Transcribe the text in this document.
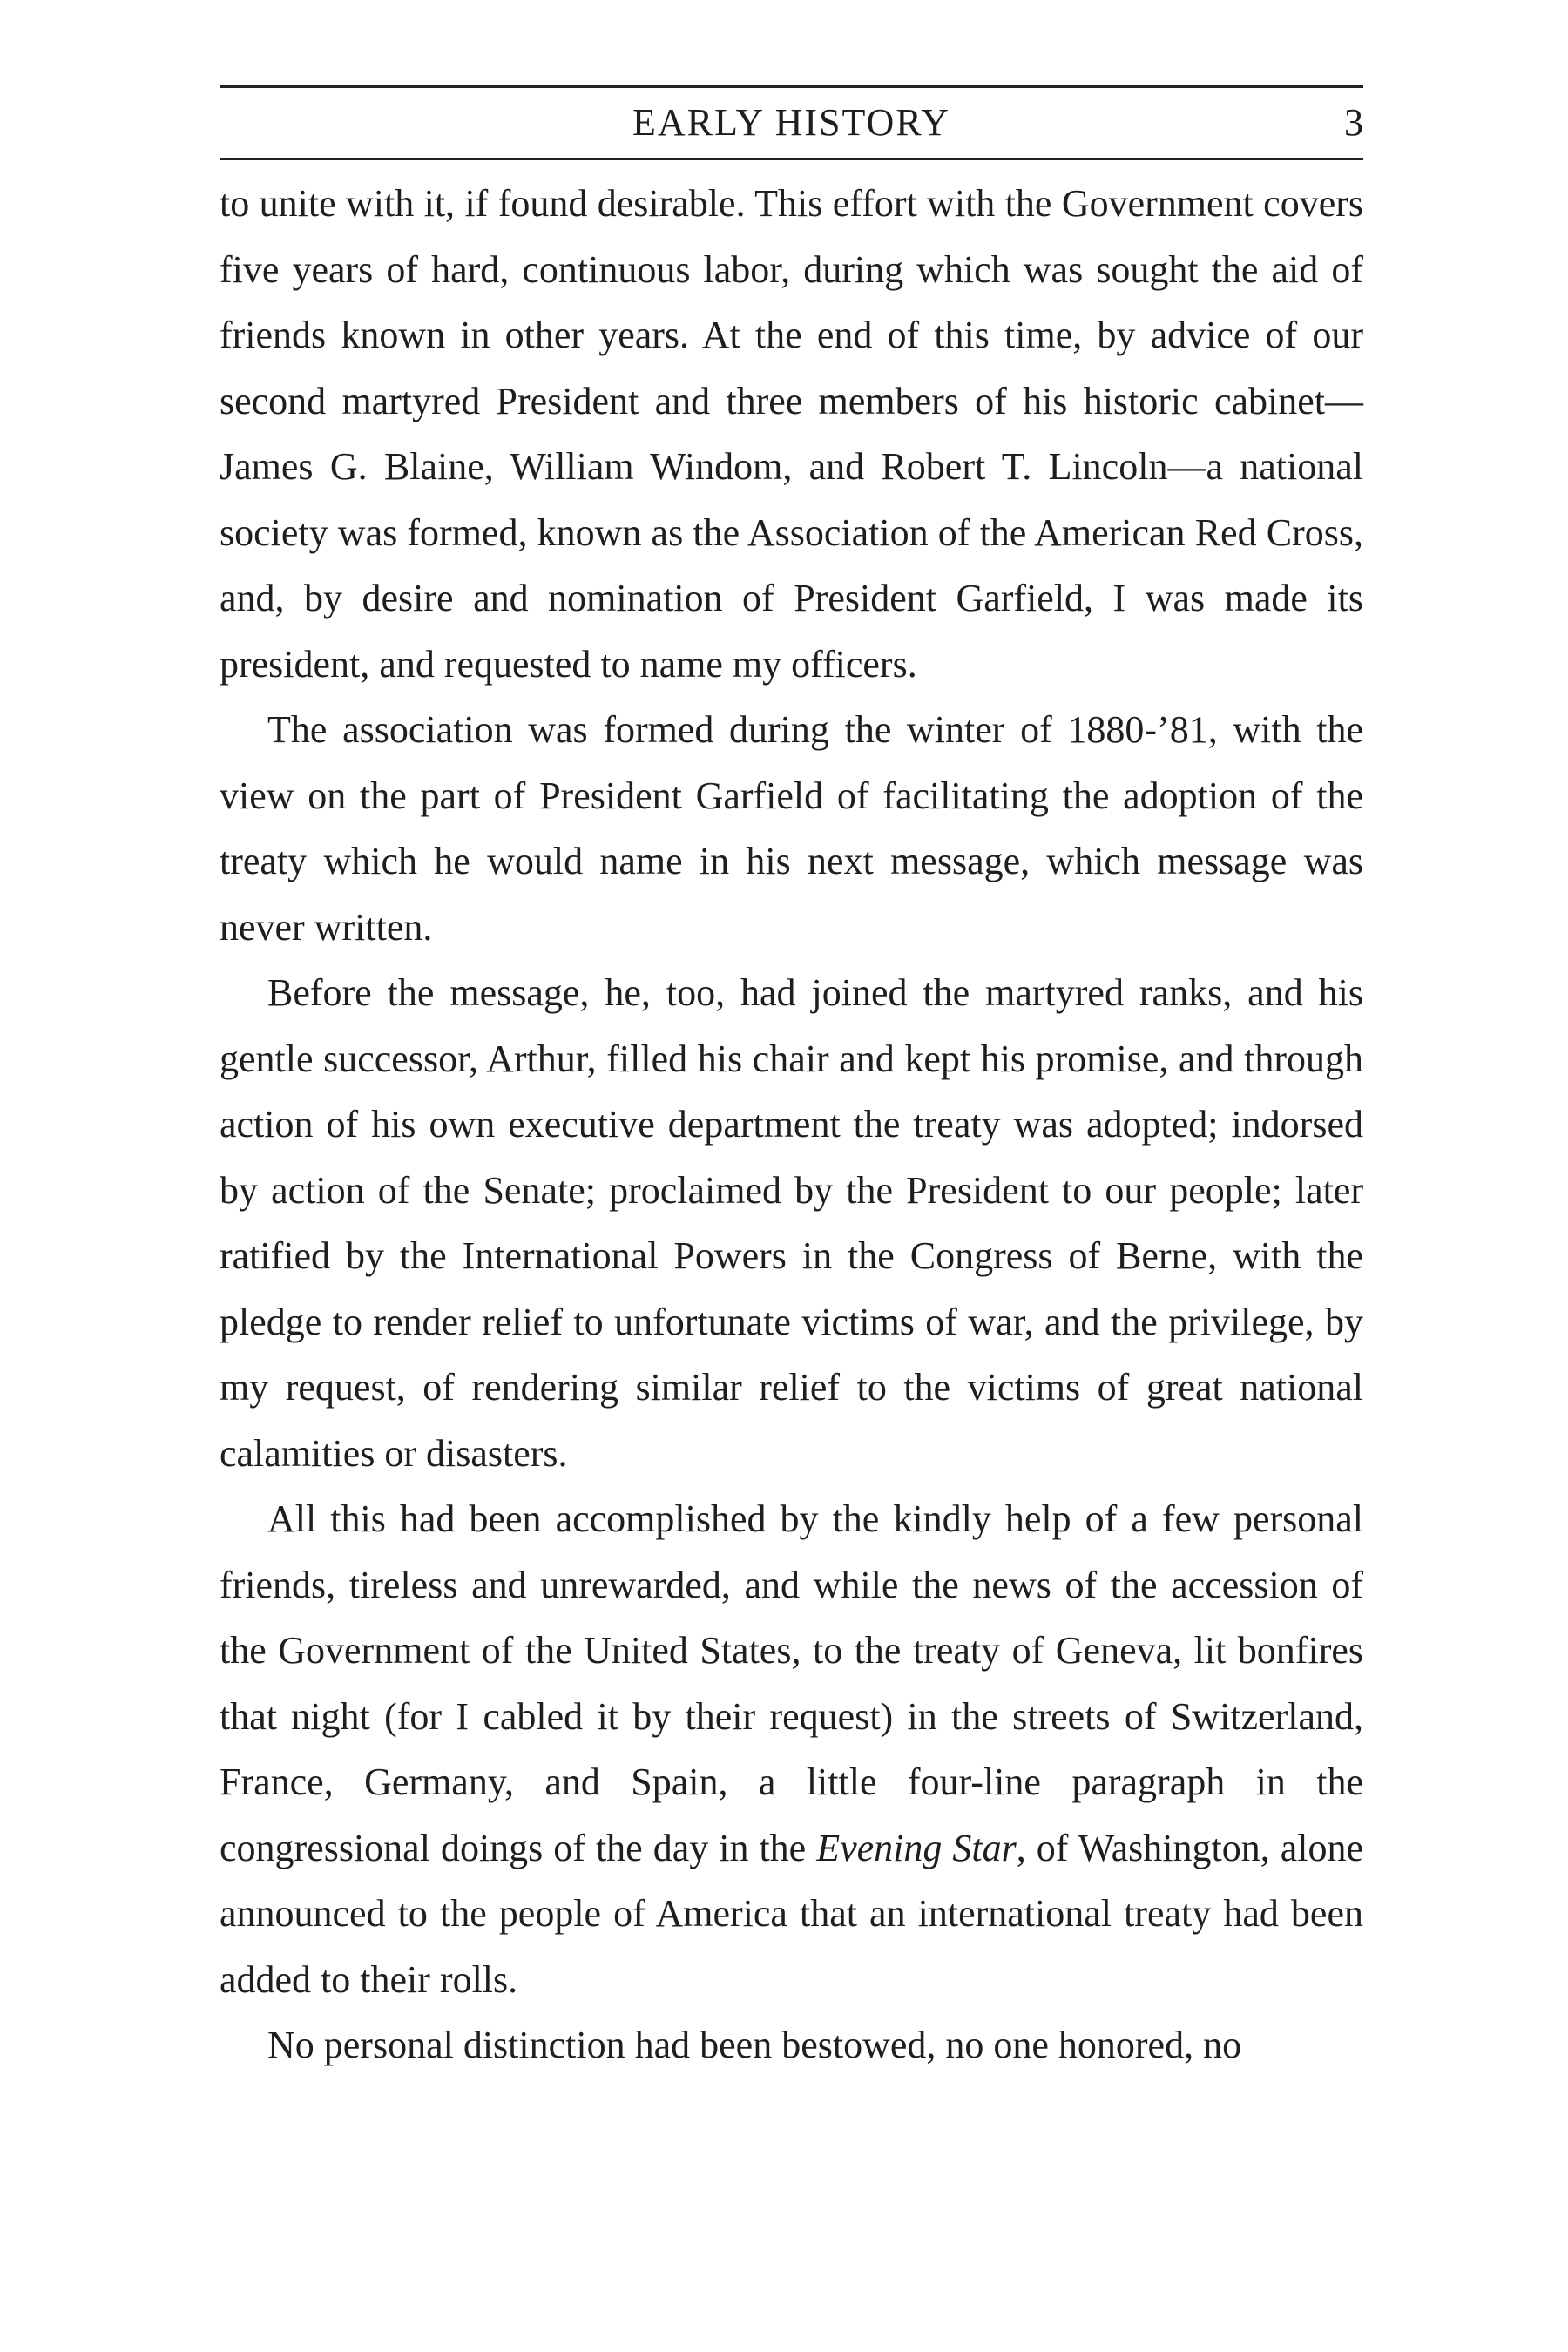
EARLY HISTORY	3

to unite with it, if found desirable. This effort with the Government covers five years of hard, continuous labor, during which was sought the aid of friends known in other years. At the end of this time, by advice of our second martyred President and three members of his historic cabinet—James G. Blaine, William Windom, and Robert T. Lincoln—a national society was formed, known as the Association of the American Red Cross, and, by desire and nomination of President Garfield, I was made its president, and requested to name my officers.

The association was formed during the winter of 1880-’81, with the view on the part of President Garfield of facilitating the adoption of the treaty which he would name in his next message, which message was never written.

Before the message, he, too, had joined the martyred ranks, and his gentle successor, Arthur, filled his chair and kept his promise, and through action of his own executive department the treaty was adopted; indorsed by action of the Senate; proclaimed by the President to our people; later ratified by the International Powers in the Congress of Berne, with the pledge to render relief to unfortunate victims of war, and the privilege, by my request, of rendering similar relief to the victims of great national calamities or disasters.

All this had been accomplished by the kindly help of a few personal friends, tireless and unrewarded, and while the news of the accession of the Government of the United States, to the treaty of Geneva, lit bonfires that night (for I cabled it by their request) in the streets of Switzerland, France, Germany, and Spain, a little four-line paragraph in the congressional doings of the day in the Evening Star, of Washington, alone announced to the people of America that an international treaty had been added to their rolls.

No personal distinction had been bestowed, no one honored, no
